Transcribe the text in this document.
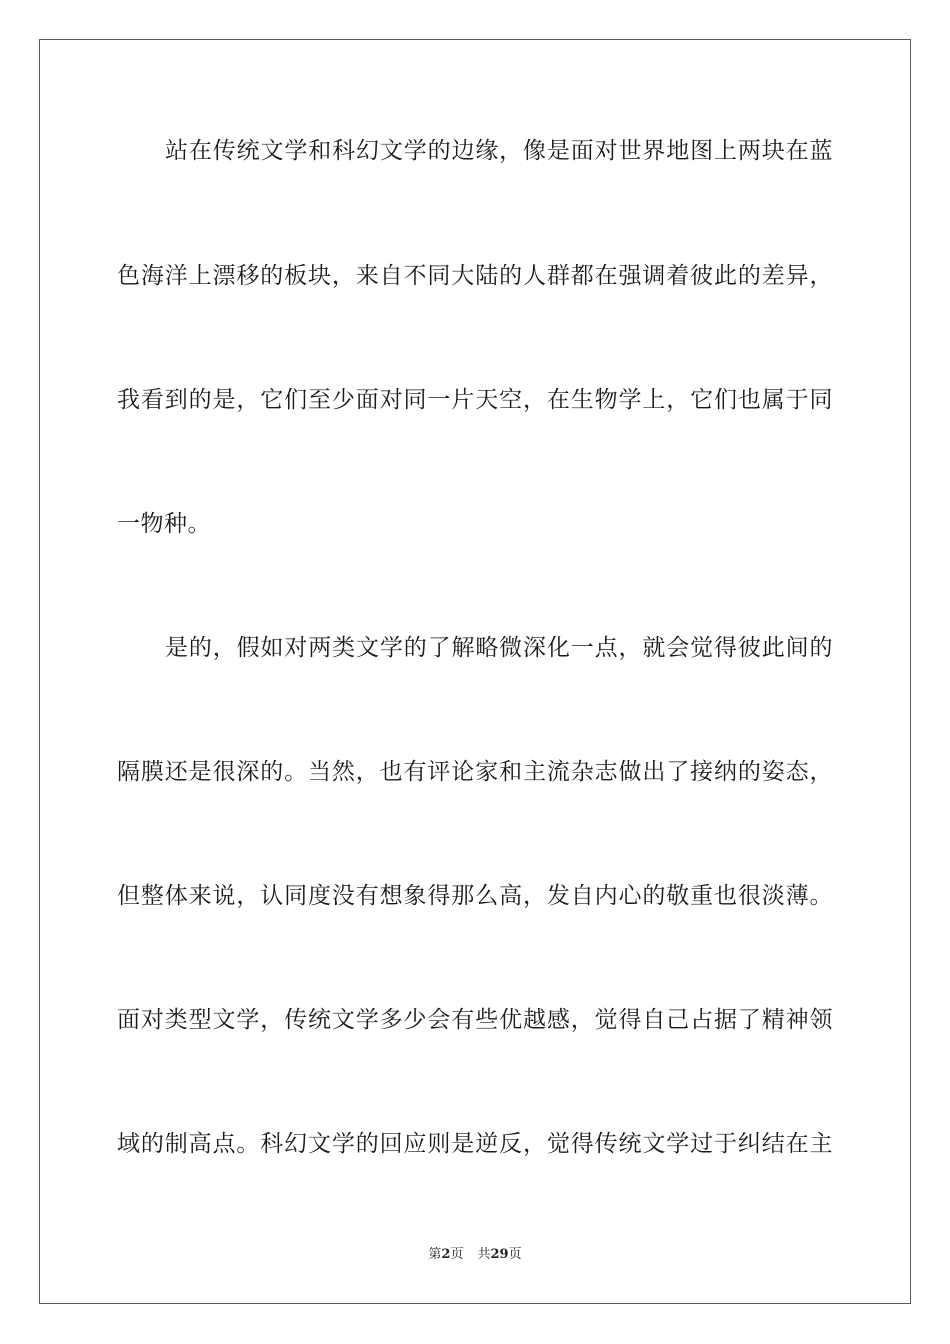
站在传统文学和科幻文学的边缘，像是面对世界地图上两块在蓝

色海洋上漂移的板块，来自不同大陆的人群都在强调着彼此的差异，

我看到的是，它们至少面对同一片天空，在生物学上，它们也属于同

一物种。

是的，假如对两类文学的了解略微深化一点，就会觉得彼此间的

隔膜还是很深的。当然，也有评论家和主流杂志做出了接纳的姿态，

但整体来说，认同度没有想象得那么高，发自内心的敬重也很淡薄。

面对类型文学，传统文学多少会有些优越感，觉得自己占据了精神领

域的制高点。科幻文学的回应则是逆反，觉得传统文学过于纠结在主

第2页 共29页
